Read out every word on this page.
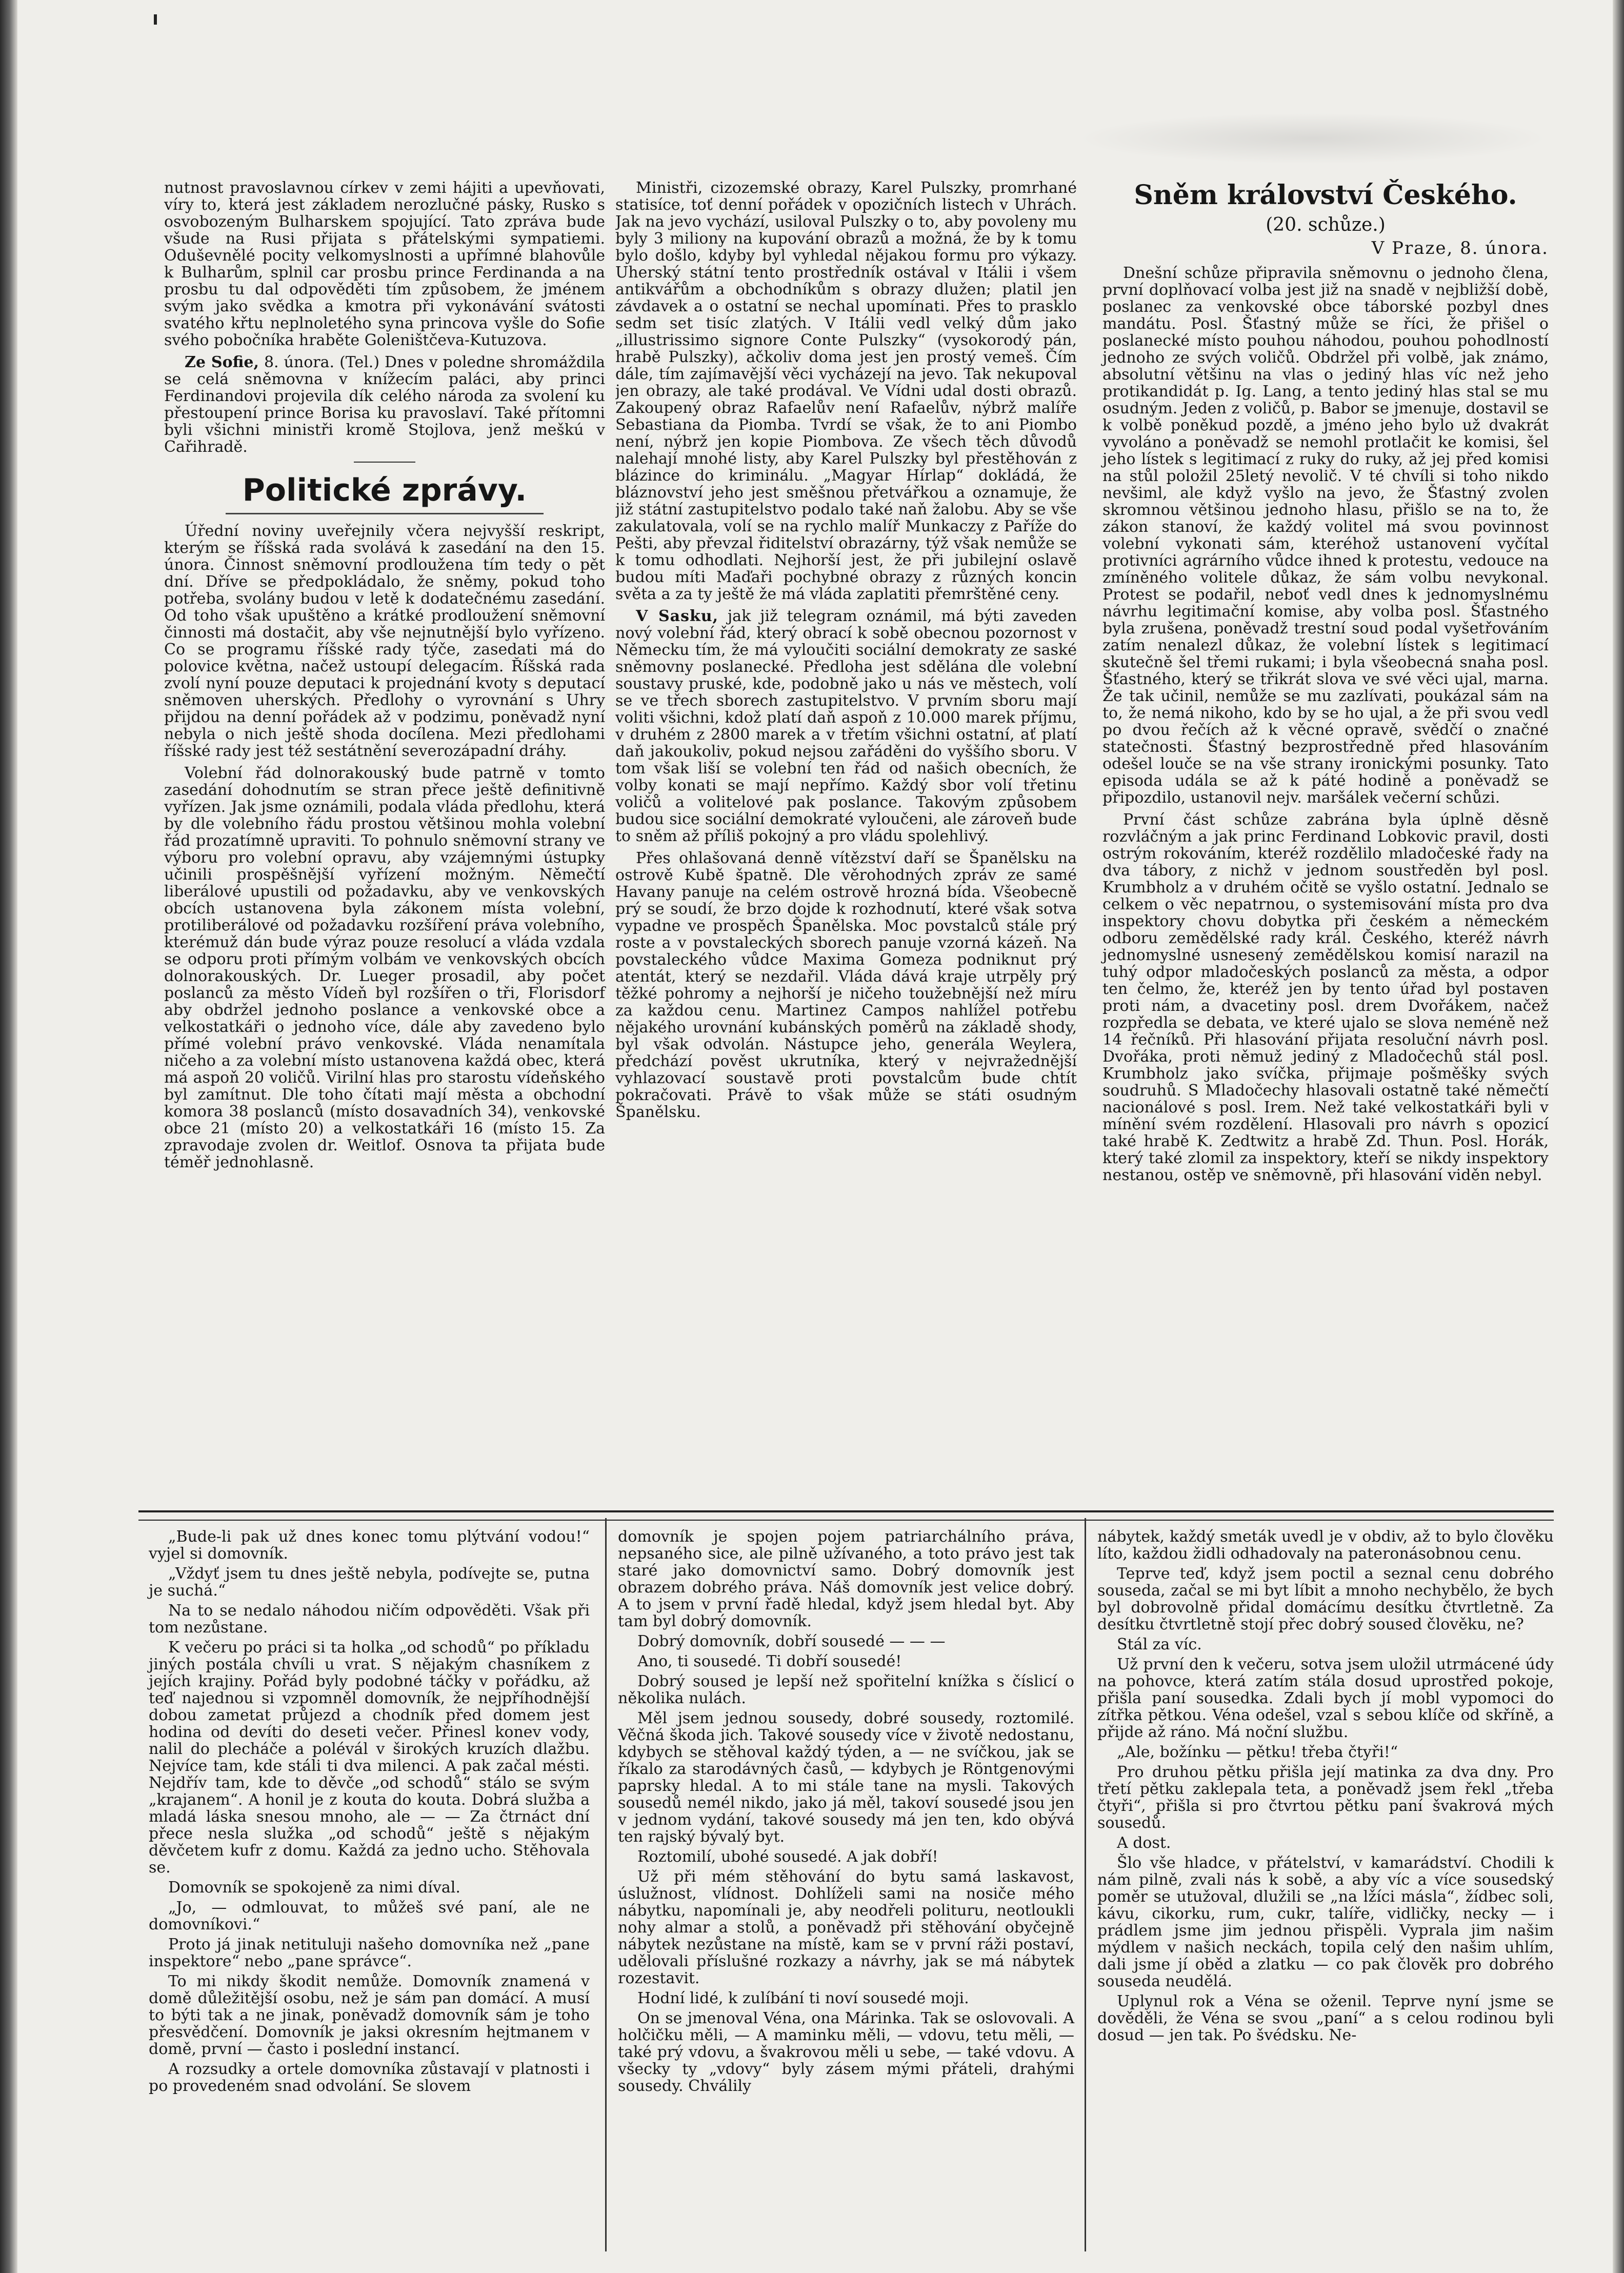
nutnost pravoslavnou církev v zemi hájiti a upevňovati, víry to, která jest základem nerozlučné pásky, Rusko s osvobozeným Bulharskem spojující. Tato zpráva bude všude na Rusi přijata s přátelskými sympatiemi. Oduševnělé pocity velkomyslnosti a upřímné blahovůle k Bulharům, splnil car prosbu prince Ferdinanda a na prosbu tu dal odpověděti tím způsobem, že jménem svým jako svědka a kmotra při vykonávání svátosti svatého křtu neplnoletého syna princova vyšle do Sofie svého pobočníka hraběte Goleništčeva-Kutuzova.

Ze Sofie, 8. února. (Tel.) Dnes v poledne shromáždila se celá sněmovna v knížecím paláci, aby princi Ferdinandovi projevila dík celého národa za svolení ku přestoupení prince Borisa ku pravoslaví. Také přítomni byli všichni ministři kromě Stojlova, jenž meškú v Cařihradě.

Politické zprávy.

Úřední noviny uveřejnily včera nejvyšší reskript, kterým se říšská rada svolává k zasedání na den 15. února. Činnost sněmovní prodloužena tím tedy o pět dní. Dříve se předpokládalo, že sněmy, pokud toho potřeba, svolány budou v letě k dodatečnému zasedání. Od toho však upuštěno a krátké prodloužení sněmovní činnosti má dostačit, aby vše nejnutnější bylo vyřízeno. Co se programu říšské rady týče, zasedati má do polovice května, načež ustoupí delegacím. Říšská rada zvolí nyní pouze deputaci k projednání kvoty s deputací sněmoven uherských. Předlohy o vyrovnání s Uhry přijdou na denní pořádek až v podzimu, poněvadž nyní nebyla o nich ještě shoda docílena. Mezi předlohami říšské rady jest též sestátnění severozápadní dráhy.

Volební řád dolnorakouský bude patrně v tomto zasedání dohodnutím se stran přece ještě definitivně vyřízen. Jak jsme oznámili, podala vláda předlohu, která by dle volebního řádu prostou většinou mohla volební řád prozatímně upraviti. To pohnulo sněmovní strany ve výboru pro volební opravu, aby vzájemnými ústupky učinili prospěšnější vyřízení možným. Němečtí liberálové upustili od požadavku, aby ve venkovských obcích ustanovena byla zákonem místa volební, protiliberálové od požadavku rozšíření práva volebního, kterémuž dán bude výraz pouze resolucí a vláda vzdala se odporu proti přímým volbám ve venkovských obcích dolnorakouských. Dr. Lueger prosadil, aby počet poslanců za město Vídeň byl rozšířen o tři, Florisdorf aby obdržel jednoho poslance a venkovské obce a velkostatkáři o jednoho více, dále aby zavedeno bylo přímé volební právo venkovské. Vláda nenamítala ničeho a za volební místo ustanovena každá obec, která má aspoň 20 voličů. Virilní hlas pro starostu vídeňského byl zamítnut. Dle toho čítati mají města a obchodní komora 38 poslanců (místo dosavadních 34), venkovské obce 21 (místo 20) a velkostatkáři 16 (místo 15. Za zpravodaje zvolen dr. Weitlof. Osnova ta přijata bude téměř jednohlasně.

Ministři, cizozemské obrazy, Karel Pulszky, promrhané statisíce, toť denní pořádek v opozičních listech v Uhrách. Jak na jevo vychází, usiloval Pulszky o to, aby povoleny mu byly 3 miliony na kupování obrazů a možná, že by k tomu bylo došlo, kdyby byl vyhledal nějakou formu pro výkazy. Uherský státní tento prostředník ostával v Itálii i všem antikvářům a obchodníkům s obrazy dlužen; platil jen závdavek a o ostatní se nechal upomínati. Přes to prasklo sedm set tisíc zlatých. V Itálii vedl velký dům jako „illustrissimo signore Conte Pulszky“ (vysokorodý pán, hrabě Pulszky), ačkoliv doma jest jen prostý vemeš. Čím dále, tím zajímavější věci vycházejí na jevo. Tak nekupoval jen obrazy, ale také prodával. Ve Vídni udal dosti obrazů. Zakoupený obraz Rafaelův není Rafaelův, nýbrž malíře Sebastiana da Piomba. Tvrdí se však, že to ani Piombo není, nýbrž jen kopie Piombova. Ze všech těch důvodů nalehají mnohé listy, aby Karel Pulszky byl přestěhován z blázince do kriminálu. „Magyar Hírlap“ dokládá, že bláznovství jeho jest směšnou přetvářkou a oznamuje, že již státní zastupitelstvo podalo také naň žalobu. Aby se vše zakulatovala, volí se na rychlo malíř Munkaczy z Paříže do Pešti, aby převzal řiditelství obrazárny, týž však nemůže se k tomu odhodlati. Nejhorší jest, že při jubilejní oslavě budou míti Maďaři pochybné obrazy z různých koncin světa a za ty ještě že má vláda zaplatiti přemrštěné ceny.

V Sasku, jak již telegram oznámil, má býti zaveden nový volební řád, který obrací k sobě obecnou pozornost v Německu tím, že má vyloučiti sociální demokraty ze saské sněmovny poslanecké. Předloha jest sdělána dle volební soustavy pruské, kde, podobně jako u nás ve městech, volí se ve třech sborech zastupitelstvo. V prvním sboru mají voliti všichni, kdož platí daň aspoň z 10.000 marek příjmu, v druhém z 2800 marek a v třetím všichni ostatní, ať platí daň jakoukoliv, pokud nejsou zařáděni do vyššího sboru. V tom však liší se volební ten řád od našich obecních, že volby konati se mají nepřímo. Každý sbor volí třetinu voličů a volitelové pak poslance. Takovým způsobem budou sice sociální demokraté vyloučeni, ale zároveň bude to sněm až příliš pokojný a pro vládu spolehlivý.

Přes ohlašovaná denně vítězství daří se Španělsku na ostrově Kubě špatně. Dle věrohodných zpráv ze samé Havany panuje na celém ostrově hrozná bída. Všeobecně prý se soudí, že brzo dojde k rozhodnutí, které však sotva vypadne ve prospěch Španělska. Moc povstalců stále prý roste a v povstaleckých sborech panuje vzorná kázeň. Na povstaleckého vůdce Maxima Gomeza podniknut prý atentát, který se nezdařil. Vláda dává kraje utrpěly prý těžké pohromy a nejhorší je ničeho toužebnější než míru za každou cenu. Martinez Campos nahlížel potřebu nějakého urovnání kubánských poměrů na základě shody, byl však odvolán. Nástupce jeho, generála Weylera, předchází pověst ukrutníka, který v nejvražednější vyhlazovací soustavě proti povstalcům bude chtít pokračovati. Právě to však může se státi osudným Španělsku.

Sněm království Českého.
(20. schůze.)
V Praze, 8. února.

Dnešní schůze připravila sněmovnu o jednoho člena, první doplňovací volba jest již na snadě v nejbližší době, poslanec za venkovské obce táborské pozbyl dnes mandátu. Posl. Šťastný může se říci, že přišel o poslanecké místo pouhou náhodou, pouhou pohodlností jednoho ze svých voličů. Obdržel při volbě, jak známo, absolutní většinu na vlas o jediný hlas víc než jeho protikandidát p. Ig. Lang, a tento jediný hlas stal se mu osudným. Jeden z voličů, p. Babor se jmenuje, dostavil se k volbě poněkud pozdě, a jméno jeho bylo už dvakrát vyvoláno a poněvadž se nemohl protlačit ke komisi, šel jeho lístek s legitimací z ruky do ruky, až jej před komisi na stůl položil 25letý nevolič. V té chvíli si toho nikdo nevšiml, ale když vyšlo na jevo, že Šťastný zvolen skromnou většinou jednoho hlasu, přišlo se na to, že zákon stanoví, že každý volitel má svou povinnost volební vykonati sám, kteréhož ustanovení vyčítal protivníci agrárního vůdce ihned k protestu, vedouce na zmíněného volitele důkaz, že sám volbu nevykonal. Protest se podařil, neboť vedl dnes k jednomyslnému návrhu legitimační komise, aby volba posl. Šťastného byla zrušena, poněvadž trestní soud podal vyšetřováním zatím nenalezl důkaz, že volební lístek s legitimací skutečně šel třemi rukami; i byla všeobecná snaha posl. Šťastného, který se třikrát slova ve své věci ujal, marna. Že tak učinil, nemůže se mu zazlívati, poukázal sám na to, že nemá nikoho, kdo by se ho ujal, a že při svou vedl po dvou řečích až k věcné opravě, svědčí o značné statečnosti. Šťastný bezprostředně před hlasováním odešel louče se na vše strany ironickými posunky. Tato episoda udála se až k páté hodině a poněvadž se připozdilo, ustanovil nejv. maršálek večerní schůzi.

První část schůze zabrána byla úplně děsně rozvláčným a jak princ Ferdinand Lobkovic pravil, dosti ostrým rokováním, kteréž rozdělilo mladočeské řady na dva tábory, z nichž v jednom soustředěn byl posl. Krumbholz a v druhém očitě se vyšlo ostatní. Jednalo se celkem o věc nepatrnou, o systemisování místa pro dva inspektory chovu dobytka při českém a německém odboru zemědělské rady král. Českého, kteréž návrh jednomyslné usnesený zemědělskou komisí narazil na tuhý odpor mladočeských poslanců za města, a odpor ten čelmo, že, kteréž jen by tento úřad byl postaven proti nám, a dvacetiny posl. drem Dvořákem, načež rozpředla se debata, ve které ujalo se slova neméně než 14 řečníků. Při hlasování přijata resoluční návrh posl. Dvořáka, proti němuž jediný z Mladočechů stál posl. Krumbholz jako svíčka, přijmaje pošměšky svých soudruhů. S Mladočechy hlasovali ostatně také němečtí nacionálové s posl. Irem. Než také velkostatkáři byli v mínění svém rozdělení. Hlasovali pro návrh s opozicí také hrabě K. Zedtwitz a hrabě Zd. Thun. Posl. Horák, který také zlomil za inspektory, kteří se nikdy inspektory nestanou, ostěp ve sněmovně, při hlasování viděn nebyl.

„Bude-li pak už dnes konec tomu plýtvání vodou!“ vyjel si domovník.

„Vždyť jsem tu dnes ještě nebyla, podívejte se, putna je suchá.“

Na to se nedalo náhodou ničím odpověděti. Však při tom nezůstane.

K večeru po práci si ta holka „od schodů“ po příkladu jiných postála chvíli u vrat. S nějakým chasníkem z jejích krajiny. Pořád byly podobné táčky v pořádku, až teď najednou si vzpomněl domovník, že nejpříhodnější dobou zametat průjezd a chodník před domem jest hodina od devíti do deseti večer. Přinesl konev vody, nalil do plecháče a polévál v širokých kruzích dlažbu. Nejvíce tam, kde stáli ti dva milenci. A pak začal mésti. Nejdřív tam, kde to děvče „od schodů“ stálo se svým „krajanem“. A honil je z kouta do kouta. Dobrá služba a mladá láska snesou mnoho, ale — — Za čtrnáct dní přece nesla služka „od schodů“ ještě s nějakým děvčetem kufr z domu. Každá za jedno ucho. Stěhovala se.

Domovník se spokojeně za nimi díval.

„Jo, — odmlouvat, to můžeš své paní, ale ne domovníkovi.“

Proto já jinak netituluji našeho domovníka než „pane inspektore“ nebo „pane správce“.

To mi nikdy škodit nemůže. Domovník znamená v domě důležitější osobu, než je sám pan domácí. A musí to býti tak a ne jinak, poněvadž domovník sám je toho přesvědčení. Domovník je jaksi okresním hejtmanem v domě, první — často i poslední instancí.

A rozsudky a ortele domovníka zůstavají v platnosti i po provedeném snad odvolání. Se slovem

domovník je spojen pojem patriarchálního práva, nepsaného sice, ale pilně užívaného, a toto právo jest tak staré jako domovnictví samo. Dobrý domovník jest obrazem dobrého práva. Náš domovník jest velice dobrý. A to jsem v první řadě hledal, když jsem hledal byt. Aby tam byl dobrý domovník.

Dobrý domovník, dobří sousedé — — —

Ano, ti sousedé. Ti dobří sousedé!

Dobrý soused je lepší než spořitelní knížka s číslicí o několika nulách.

Měl jsem jednou sousedy, dobré sousedy, roztomilé. Věčná škoda jich. Takové sousedy více v životě nedostanu, kdybych se stěhoval každý týden, a — ne svíčkou, jak se říkalo za starodávných časů, — kdybych je Röntgenovými paprsky hledal. A to mi stále tane na mysli. Takových sousedů nemél nikdo, jako já měl, takoví sousedé jsou jen v jednom vydání, takové sousedy má jen ten, kdo obývá ten rajský bývalý byt.

Roztomilí, ubohé sousedé. A jak dobří!

Už při mém stěhování do bytu samá laskavost, úslužnost, vlídnost. Dohlíželi sami na nosiče mého nábytku, napomínali je, aby neodřeli polituru, neotloukli nohy almar a stolů, a poněvadž při stěhování obyčejně nábytek nezůstane na místě, kam se v první ráži postaví, udělovali příslušné rozkazy a návrhy, jak se má nábytek rozestavit.

Hodní lidé, k zulíbání ti noví sousedé moji.

On se jmenoval Véna, ona Márinka. Tak se oslovovali. A holčičku měli, — A maminku měli, — vdovu, tetu měli, — také prý vdovu, a švakrovou měli u sebe, — také vdovu. A všecky ty „vdovy“ byly zásem mými přáteli, drahými sousedy. Chválily

nábytek, každý smeták uvedl je v obdiv, až to bylo člověku líto, každou židli odhadovaly na pateronásobnou cenu.

Teprve teď, když jsem poctil a seznal cenu dobrého souseda, začal se mi byt líbit a mnoho nechybělo, že bych byl dobrovolně přidal domácímu desítku čtvrtletně. Za desítku čtvrtletně stojí přec dobrý soused člověku, ne?

Stál za víc.

Už první den k večeru, sotva jsem uložil utrmácené údy na pohovce, která zatím stála dosud uprostřed pokoje, přišla paní sousedka. Zdali bych jí mobl vypomoci do zítřka pětkou. Véna odešel, vzal s sebou klíče od skříně, a přijde až ráno. Má noční službu.

„Ale, božínku — pětku! třeba čtyři!“

Pro druhou pětku přišla její matinka za dva dny. Pro třetí pětku zaklepala teta, a poněvadž jsem řekl „třeba čtyři“, přišla si pro čtvrtou pětku paní švakrová mých sousedů.

A dost.

Šlo vše hladce, v přátelství, v kamarádství. Chodili k nám pilně, zvali nás k sobě, a aby víc a více sousedský poměr se utužoval, dlužili se „na lžíci másla“, žídbec soli, kávu, cikorku, rum, cukr, talíře, vidličky, necky — i prádlem jsme jim jednou přispěli. Vyprala jim našim mýdlem v našich neckách, topila celý den našim uhlím, dali jsme jí oběd a zlatku — co pak člověk pro dobrého souseda neudělá.

Uplynul rok a Véna se oženil. Teprve nyní jsme se dověděli, že Véna se svou „paní“ a s celou rodinou byli dosud — jen tak. Po švédsku. Ne-
